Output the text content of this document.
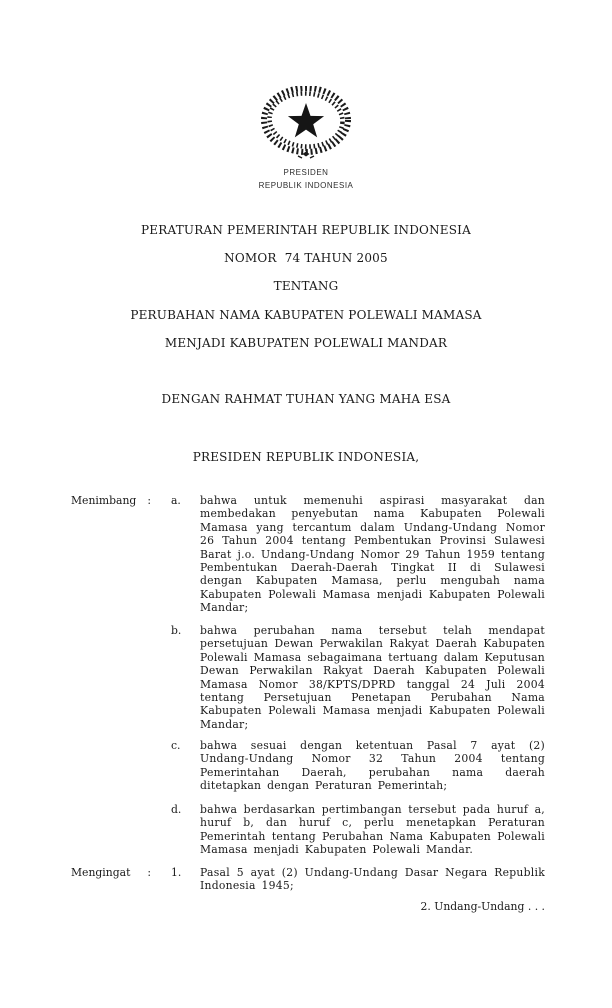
PRESIDEN
REPUBLIK INDONESIA
PERATURAN PEMERINTAH REPUBLIK INDONESIA
NOMOR  74 TAHUN 2005
TENTANG
PERUBAHAN NAMA KABUPATEN POLEWALI MAMASA
MENJADI KABUPATEN POLEWALI MANDAR
DENGAN RAHMAT TUHAN YANG MAHA ESA
PRESIDEN REPUBLIK INDONESIA,
Menimbang : a. bahwa untuk memenuhi aspirasi masyarakat dan membedakan penyebutan nama Kabupaten Polewali Mamasa yang tercantum dalam Undang-Undang Nomor 26 Tahun 2004 tentang Pembentukan Provinsi Sulawesi Barat j.o. Undang-Undang Nomor 29 Tahun 1959 tentang Pembentukan Daerah-Daerah Tingkat II di Sulawesi dengan Kabupaten Mamasa, perlu mengubah nama Kabupaten Polewali Mamasa menjadi Kabupaten Polewali Mandar;
b. bahwa perubahan nama tersebut telah mendapat persetujuan Dewan Perwakilan Rakyat Daerah Kabupaten Polewali Mamasa sebagaimana tertuang dalam Keputusan Dewan Perwakilan Rakyat Daerah Kabupaten Polewali Mamasa Nomor 38/KPTS/DPRD tanggal 24 Juli 2004 tentang Persetujuan Penetapan Perubahan Nama Kabupaten Polewali Mamasa menjadi Kabupaten Polewali Mandar;
c. bahwa sesuai dengan ketentuan Pasal 7 ayat (2) Undang-Undang Nomor 32 Tahun 2004 tentang Pemerintahan Daerah, perubahan nama daerah ditetapkan dengan Peraturan Pemerintah;
d. bahwa berdasarkan pertimbangan tersebut pada huruf a, huruf b, dan huruf c, perlu menetapkan Peraturan Pemerintah tentang Perubahan Nama Kabupaten Polewali Mamasa menjadi Kabupaten Polewali Mandar.
Mengingat : 1. Pasal 5 ayat (2) Undang-Undang Dasar Negara Republik Indonesia 1945;
2. Undang-Undang . . .
